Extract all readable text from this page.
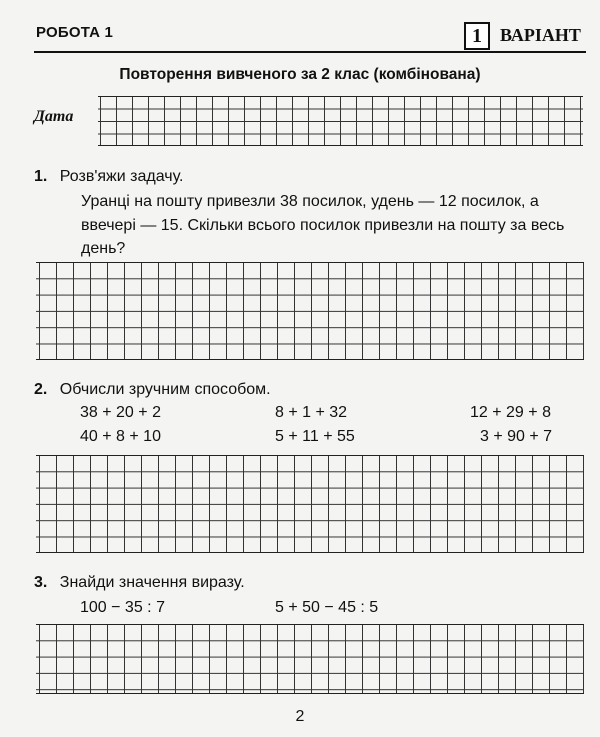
РОБОТА 1	1	ВАРІАНТ
Повторення вивченого за 2 клас (комбінована)
Дата
1. Розв'яжи задачу.
Уранці на пошту привезли 38 посилок, удень — 12 посилок, а ввечері — 15. Скільки всього посилок привезли на пошту за весь день?
2. Обчисли зручним способом.
38 + 20 + 2	8 + 1 + 32	12 + 29 + 8
40 + 8 + 10	5 + 11 + 55	3 + 90 + 7
3. Знайди значення виразу.
100 − 35 : 7	5 + 50 − 45 : 5
2
